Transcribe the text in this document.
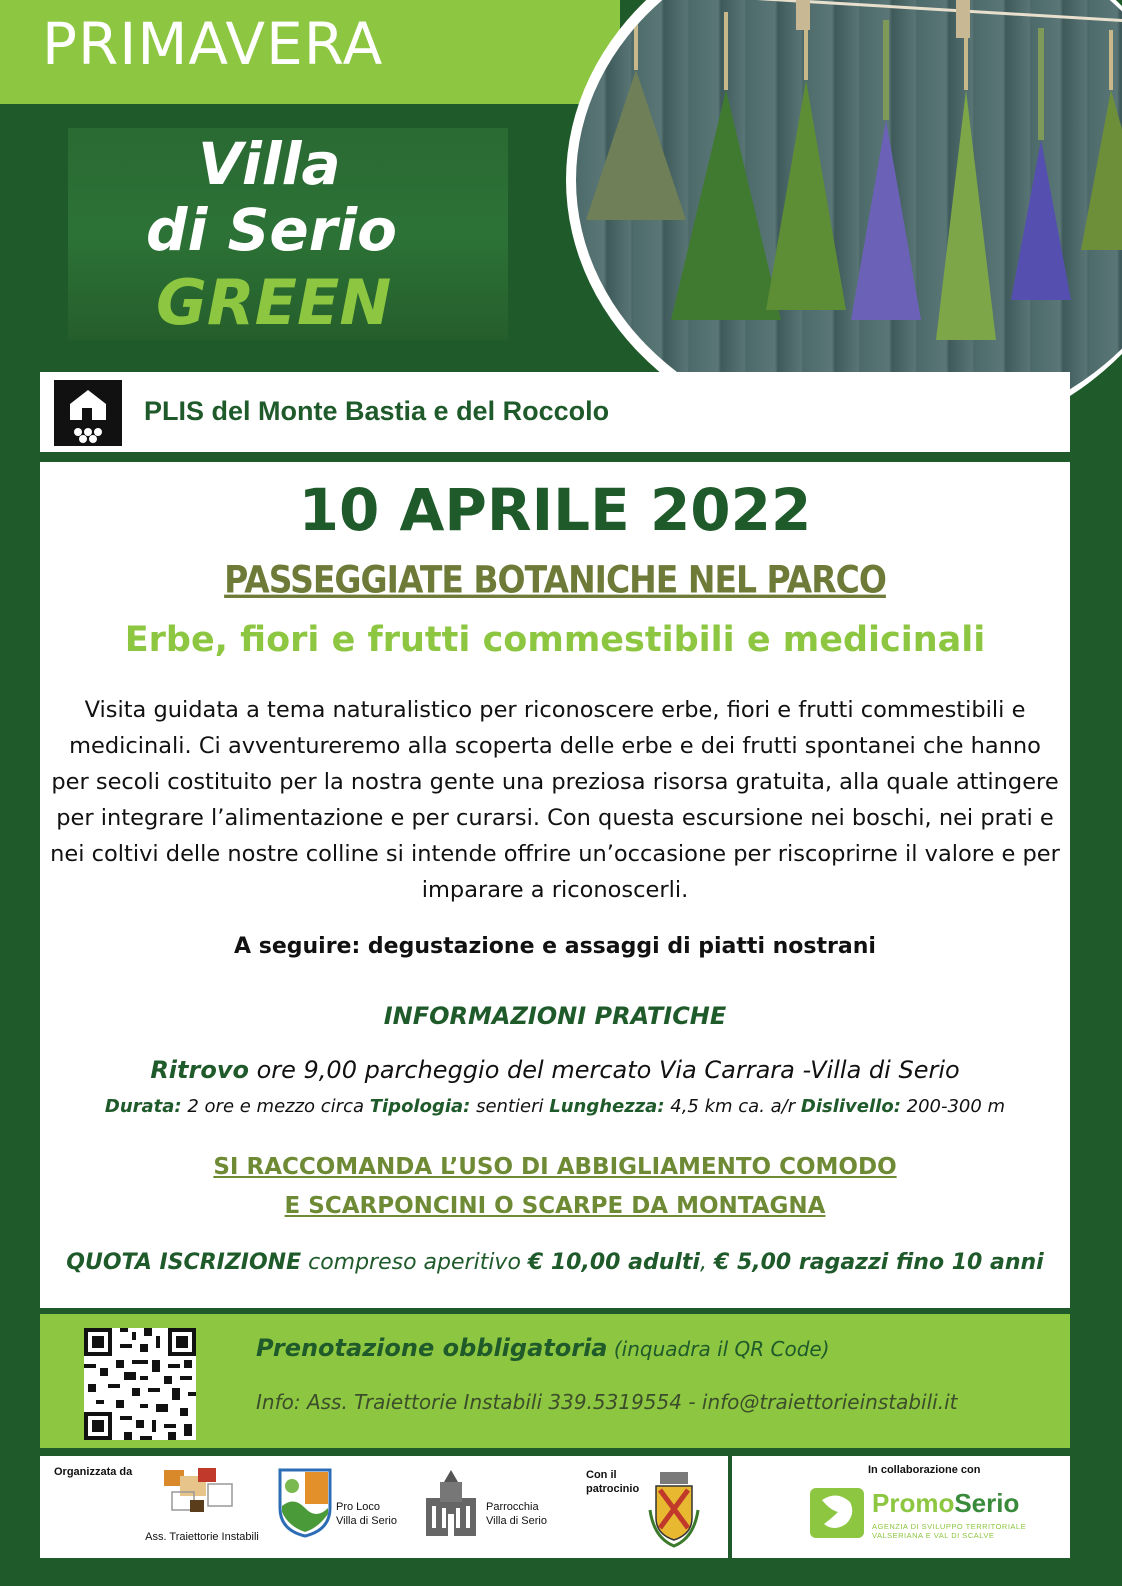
PRIMAVERA
Villa
di Serio
GREEN
PLIS del Monte Bastia e del Roccolo
10 APRILE 2022
PASSEGGIATE BOTANICHE NEL PARCO
Erbe, fiori e frutti commestibili e medicinali
Visita guidata a tema naturalistico per riconoscere erbe, fiori e frutti commestibili e medicinali. Ci avventureremo alla scoperta delle erbe e dei frutti spontanei che hanno per secoli costituito per la nostra gente una preziosa risorsa gratuita, alla quale attingere per integrare l’alimentazione e per curarsi. Con questa escursione nei boschi, nei prati e nei coltivi delle nostre colline si intende offrire un’occasione per riscoprirne il valore e per imparare a riconoscerli.
A seguire: degustazione e assaggi di piatti nostrani
INFORMAZIONI PRATICHE
Ritrovo ore 9,00 parcheggio del mercato Via Carrara -Villa di Serio
Durata: 2 ore e mezzo circa Tipologia: sentieri Lunghezza: 4,5 km ca. a/r Dislivello: 200-300 m
SI RACCOMANDA L’USO DI ABBIGLIAMENTO COMODO
E SCARPONCINI O SCARPE DA MONTAGNA
QUOTA ISCRIZIONE compreso aperitivo € 10,00 adulti, € 5,00 ragazzi fino 10 anni
Prenotazione obbligatoria (inquadra il QR Code)
Info: Ass. Traiettorie Instabili 339.5319554 - info@traiettorieinstabili.it
Organizzata da
Ass. Traiettorie Instabili
Pro Loco
Villa di Serio
Parrocchia
Villa di Serio
Con il
patrocinio
In collaborazione con
PromoSerio
AGENZIA DI SVILUPPO TERRITORIALE VALSERIANA E VAL DI SCALVE
